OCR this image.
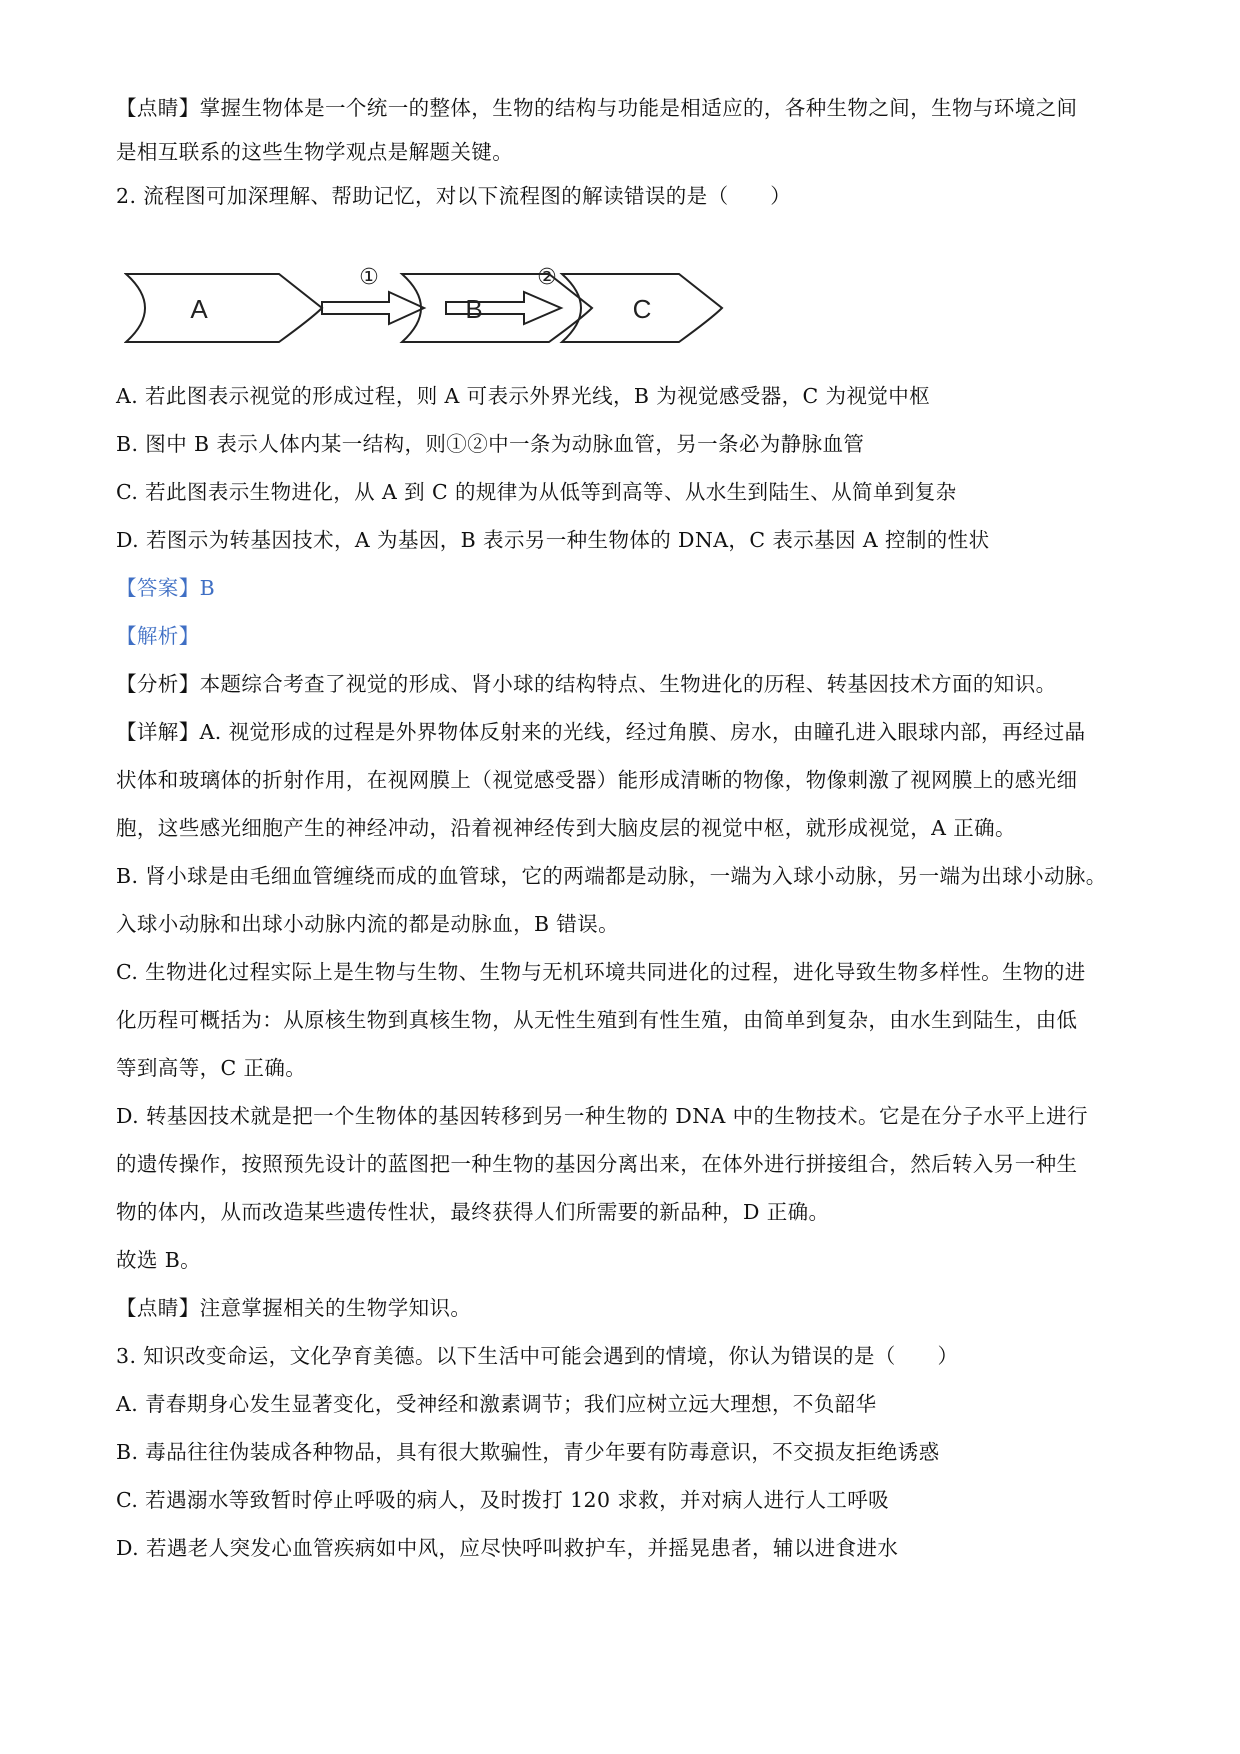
【点睛】掌握生物体是一个统一的整体，生物的结构与功能是相适应的，各种生物之间，生物与环境之间
是相互联系的这些生物学观点是解题关键。
2. 流程图可加深理解、帮助记忆，对以下流程图的解读错误的是（　　）
A	B	C
①	②
A. 若此图表示视觉的形成过程，则 A 可表示外界光线，B 为视觉感受器，C 为视觉中枢
B. 图中 B 表示人体内某一结构，则①②中一条为动脉血管，另一条必为静脉血管
C. 若此图表示生物进化，从 A 到 C 的规律为从低等到高等、从水生到陆生、从简单到复杂
D. 若图示为转基因技术，A 为基因，B 表示另一种生物体的 DNA，C 表示基因 A 控制的性状
【答案】B
【解析】
【分析】本题综合考查了视觉的形成、肾小球的结构特点、生物进化的历程、转基因技术方面的知识。
【详解】A. 视觉形成的过程是外界物体反射来的光线，经过角膜、房水，由瞳孔进入眼球内部，再经过晶
状体和玻璃体的折射作用，在视网膜上（视觉感受器）能形成清晰的物像，物像刺激了视网膜上的感光细
胞，这些感光细胞产生的神经冲动，沿着视神经传到大脑皮层的视觉中枢，就形成视觉，A 正确。
B. 肾小球是由毛细血管缠绕而成的血管球，它的两端都是动脉，一端为入球小动脉，另一端为出球小动脉。
入球小动脉和出球小动脉内流的都是动脉血，B 错误。
C. 生物进化过程实际上是生物与生物、生物与无机环境共同进化的过程，进化导致生物多样性。生物的进
化历程可概括为：从原核生物到真核生物，从无性生殖到有性生殖，由简单到复杂，由水生到陆生，由低
等到高等，C 正确。
D. 转基因技术就是把一个生物体的基因转移到另一种生物的 DNA 中的生物技术。它是在分子水平上进行
的遗传操作，按照预先设计的蓝图把一种生物的基因分离出来，在体外进行拼接组合，然后转入另一种生
物的体内，从而改造某些遗传性状，最终获得人们所需要的新品种，D 正确。
故选 B。
【点睛】注意掌握相关的生物学知识。
3. 知识改变命运，文化孕育美德。以下生活中可能会遇到的情境，你认为错误的是（　　）
A. 青春期身心发生显著变化，受神经和激素调节；我们应树立远大理想，不负韶华
B. 毒品往往伪装成各种物品，具有很大欺骗性，青少年要有防毒意识，不交损友拒绝诱惑
C. 若遇溺水等致暂时停止呼吸的病人，及时拨打 120 求救，并对病人进行人工呼吸
D. 若遇老人突发心血管疾病如中风，应尽快呼叫救护车，并摇晃患者，辅以进食进水
